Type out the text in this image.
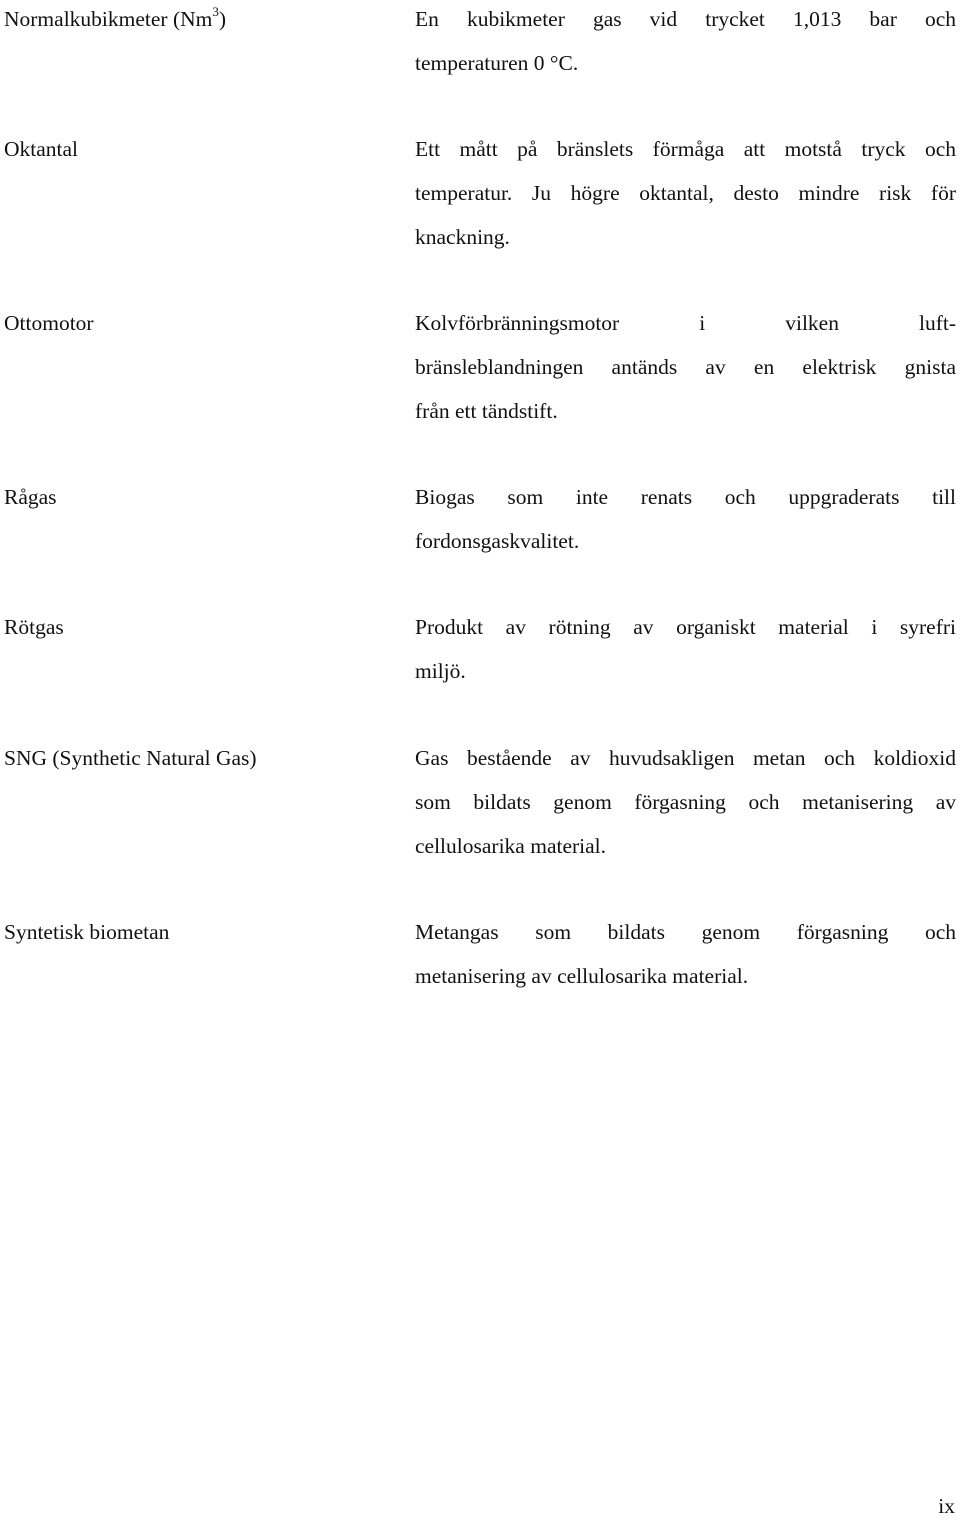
Normalkubikmeter (Nm$^3$)	En kubikmeter gas vid trycket 1,013 bar och
temperaturen 0 °C.
Oktantal	Ett mått på bränslets förmåga att motstå tryck och
temperatur. Ju högre oktantal, desto mindre risk för
knackning.
Ottomotor	Kolvförbränningsmotor i vilken luft-
bränsleblandningen antänds av en elektrisk gnista
från ett tändstift.
Rågas	Biogas som inte renats och uppgraderats till
fordonsgaskvalitet.
Rötgas	Produkt av rötning av organiskt material i syrefri
miljö.
SNG (Synthetic Natural Gas)	Gas bestående av huvudsakligen metan och koldioxid
som bildats genom förgasning och metanisering av
cellulosarika material.
Syntetisk biometan	Metangas som bildats genom förgasning och
metanisering av cellulosarika material.
ix
